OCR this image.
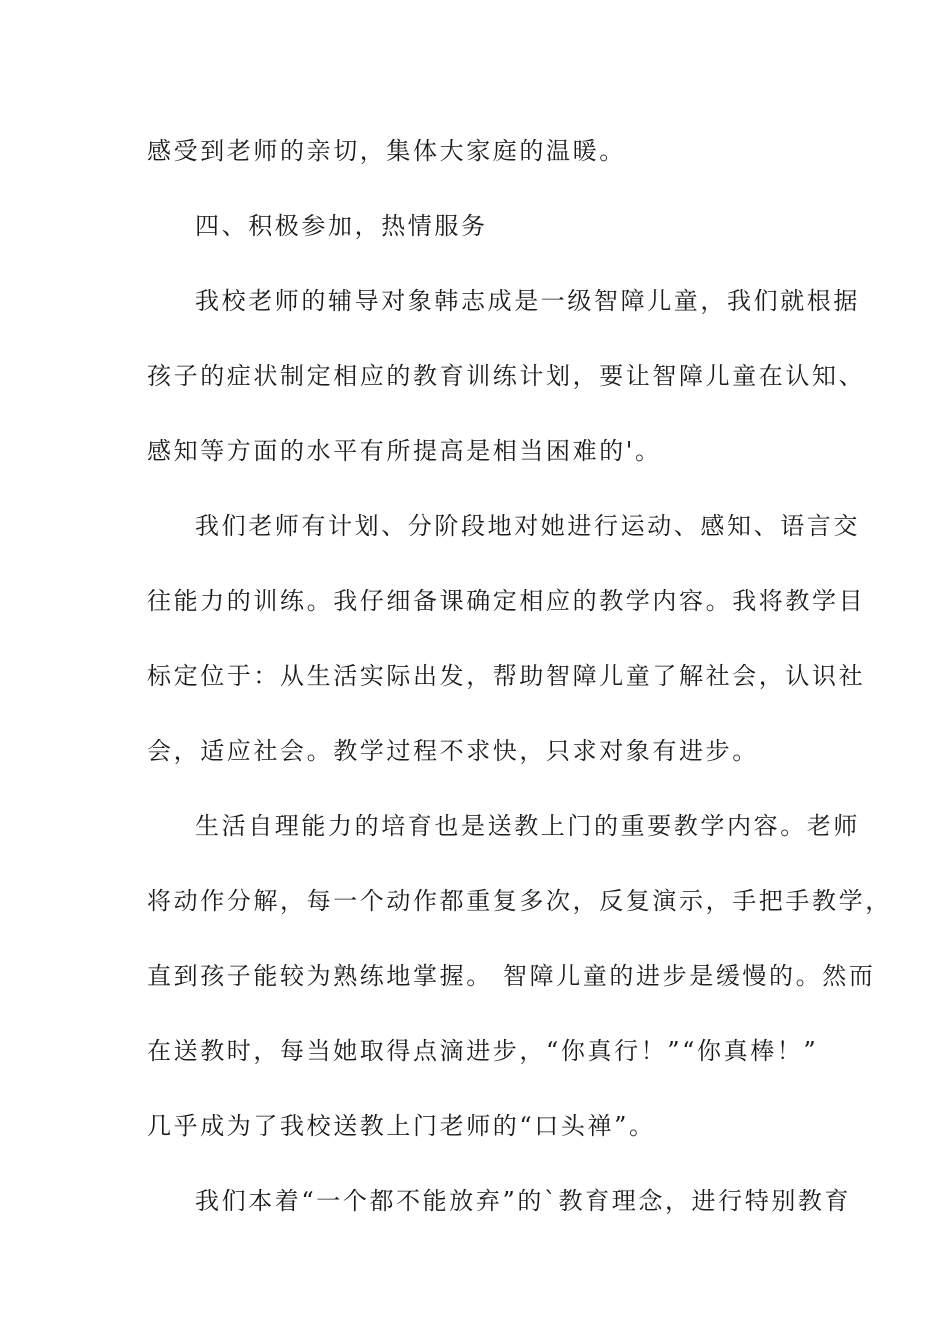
感受到老师的亲切，集体大家庭的温暖。
四、积极参加，热情服务
我校老师的辅导对象韩志成是一级智障儿童，我们就根据
孩子的症状制定相应的教育训练计划，要让智障儿童在认知、
感知等方面的水平有所提高是相当困难的'。
我们老师有计划、分阶段地对她进行运动、感知、语言交
往能力的训练。我仔细备课确定相应的教学内容。我将教学目
标定位于：从生活实际出发，帮助智障儿童了解社会，认识社
会，适应社会。教学过程不求快，只求对象有进步。
生活自理能力的培育也是送教上门的重要教学内容。老师
将动作分解，每一个动作都重复多次，反复演示，手把手教学，
直到孩子能较为熟练地掌握。 智障儿童的进步是缓慢的。然而
在送教时，每当她取得点滴进步，“你真行！”“你真棒！”
几乎成为了我校送教上门老师的“口头禅”。
我们本着“一个都不能放弃”的`教育理念，进行特别教育
